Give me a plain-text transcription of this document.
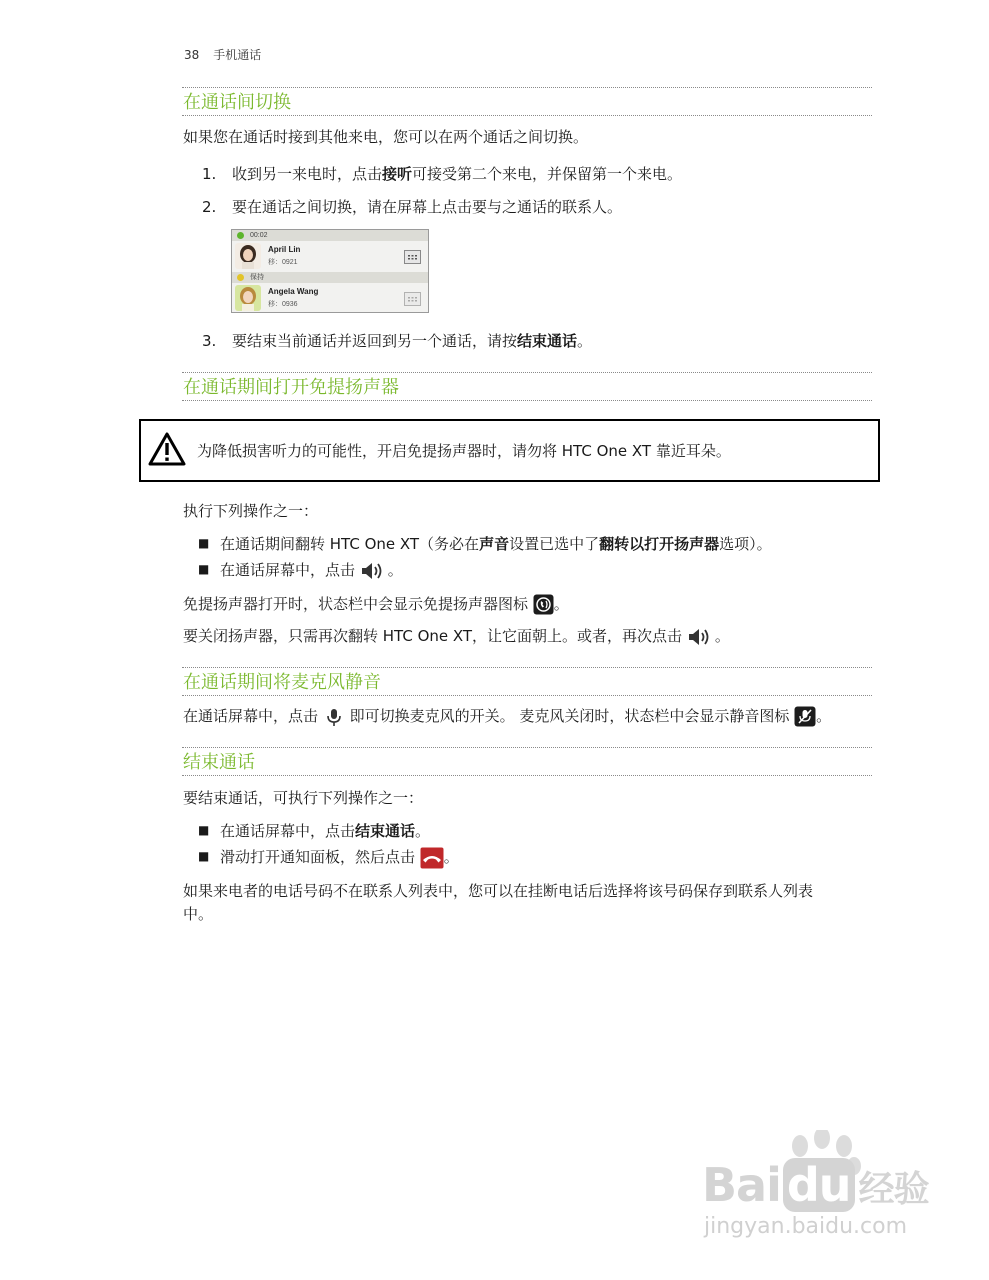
38 手机通话
在通话间切换
如果您在通话时接到其他来电，您可以在两个通话之间切换。
1. 收到另一来电时，点击接听可接受第二个来电，并保留第一个来电。
2. 要在通话之间切换，请在屏幕上点击要与之通话的联系人。
00:02
April Lin
移：0921
保持
Angela Wang
移：0936
3. 要结束当前通话并返回到另一个通话，请按结束通话。
在通话期间打开免提扬声器
为降低损害听力的可能性，开启免提扬声器时，请勿将 HTC One XT 靠近耳朵。
执行下列操作之一：
■ 在通话期间翻转 HTC One XT（务必在声音设置已选中了翻转以打开扬声器选项）。
■ 在通话屏幕中，点击 。
免提扬声器打开时，状态栏中会显示免提扬声器图标 。
要关闭扬声器，只需再次翻转 HTC One XT，让它面朝上。或者，再次点击 。
在通话期间将麦克风静音
在通话屏幕中，点击 即可切换麦克风的开关。 麦克风关闭时，状态栏中会显示静音图标 。
结束通话
要结束通话，可执行下列操作之一：
■ 在通话屏幕中，点击结束通话。
■ 滑动打开通知面板，然后点击 。
如果来电者的电话号码不在联系人列表中，您可以在挂断电话后选择将该号码保存到联系人列表
中。
Bai du 经验
jingyan.baidu.com
